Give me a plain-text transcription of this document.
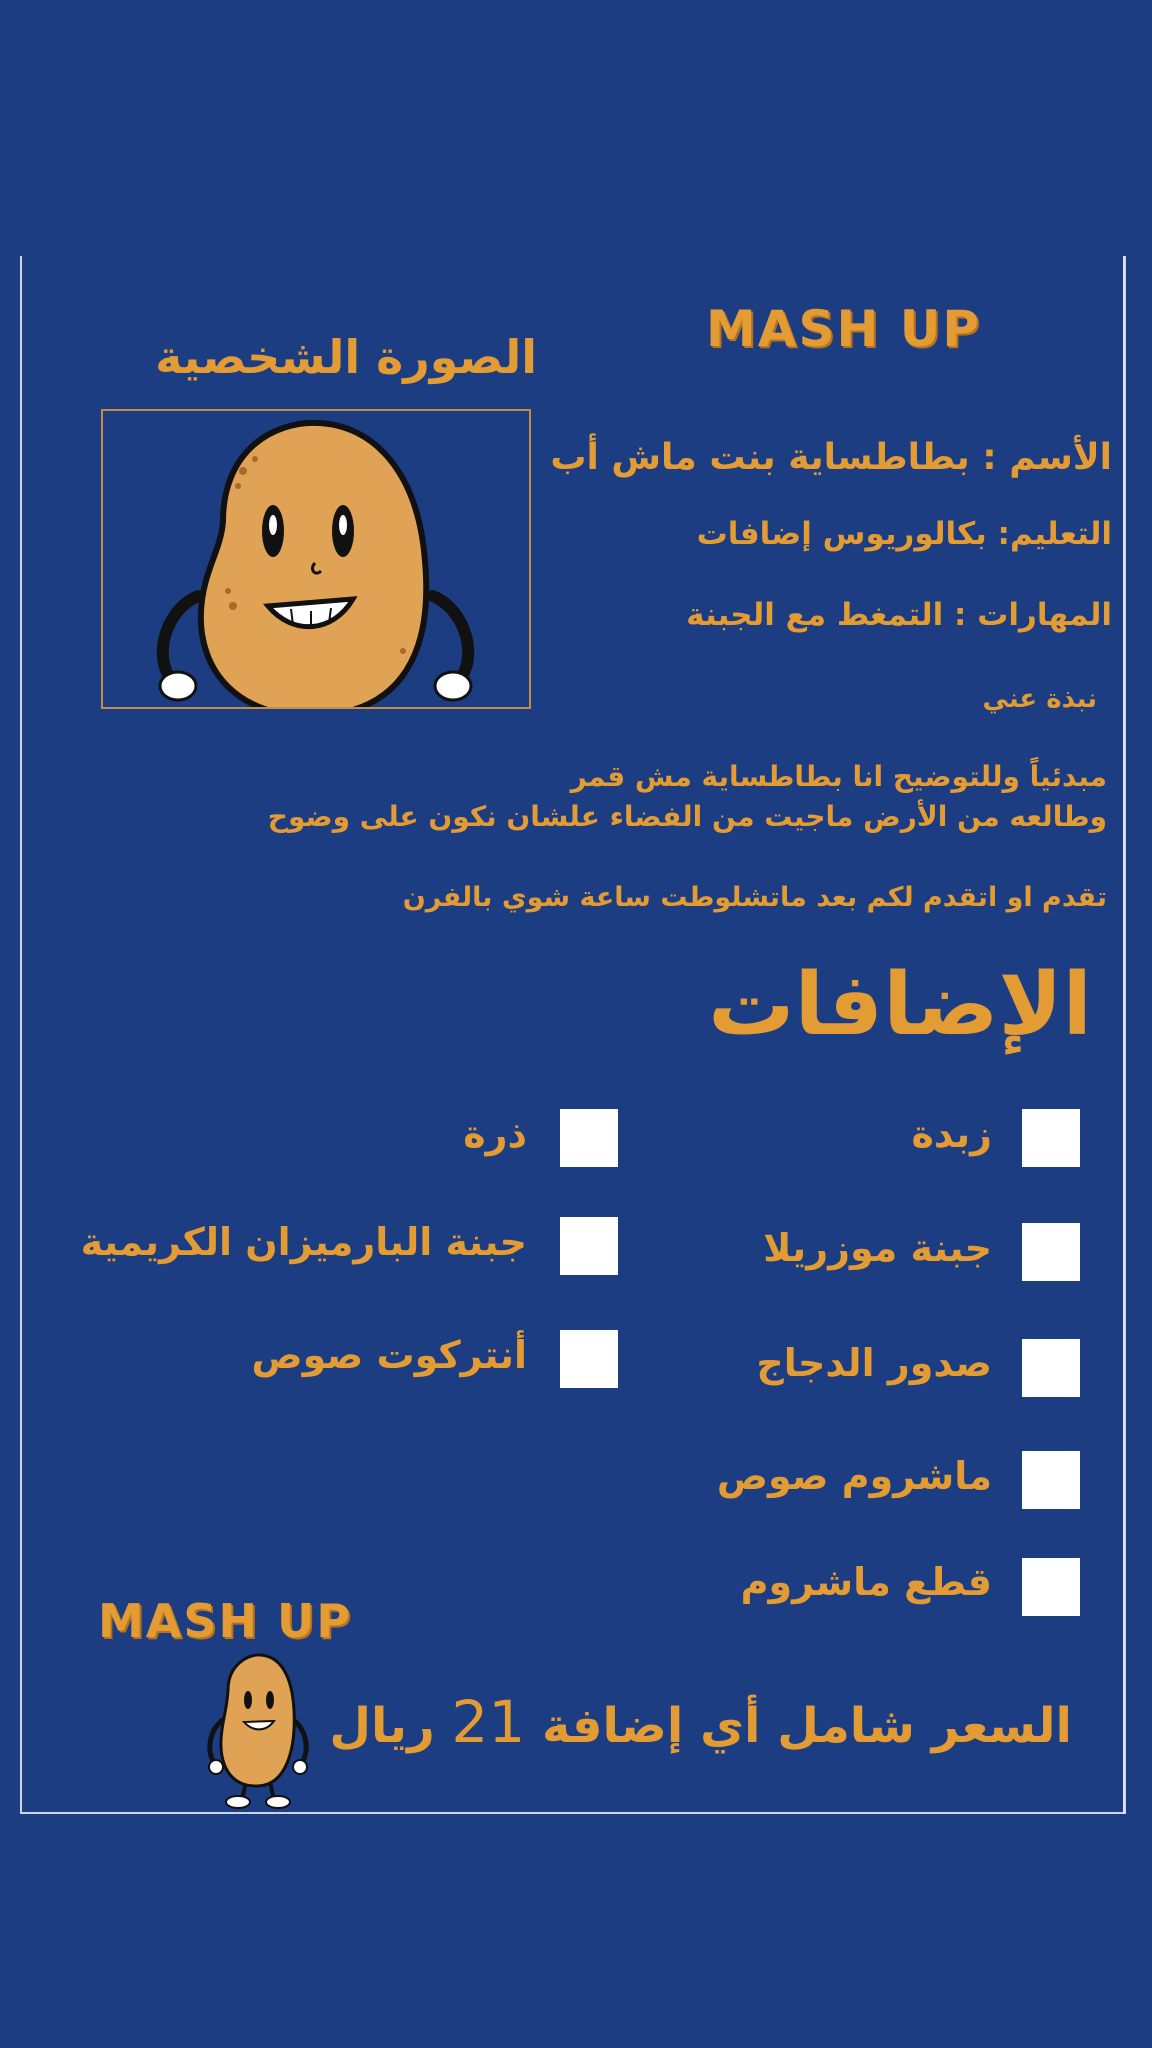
MASH UP
الصورة الشخصية
الأسم : بطاطساية بنت ماش أب
التعليم: بكالوريوس إضافات
المهارات : التمغط مع الجبنة
نبذة عني
مبدئياً وللتوضيح انا بطاطساية مش قمر
وطالعه من الأرض ماجيت من الفضاء علشان نكون على وضوح
تقدم او اتقدم لكم بعد ماتشلوطت ساعة شوي بالفرن
الإضافات
زبدة
جبنة موزريلا
صدور الدجاج
ماشروم صوص
قطع ماشروم
ذرة
جبنة البارميزان الكريمية
أنتركوت صوص
MASH UP
السعر شامل أي إضافة 21 ريال
